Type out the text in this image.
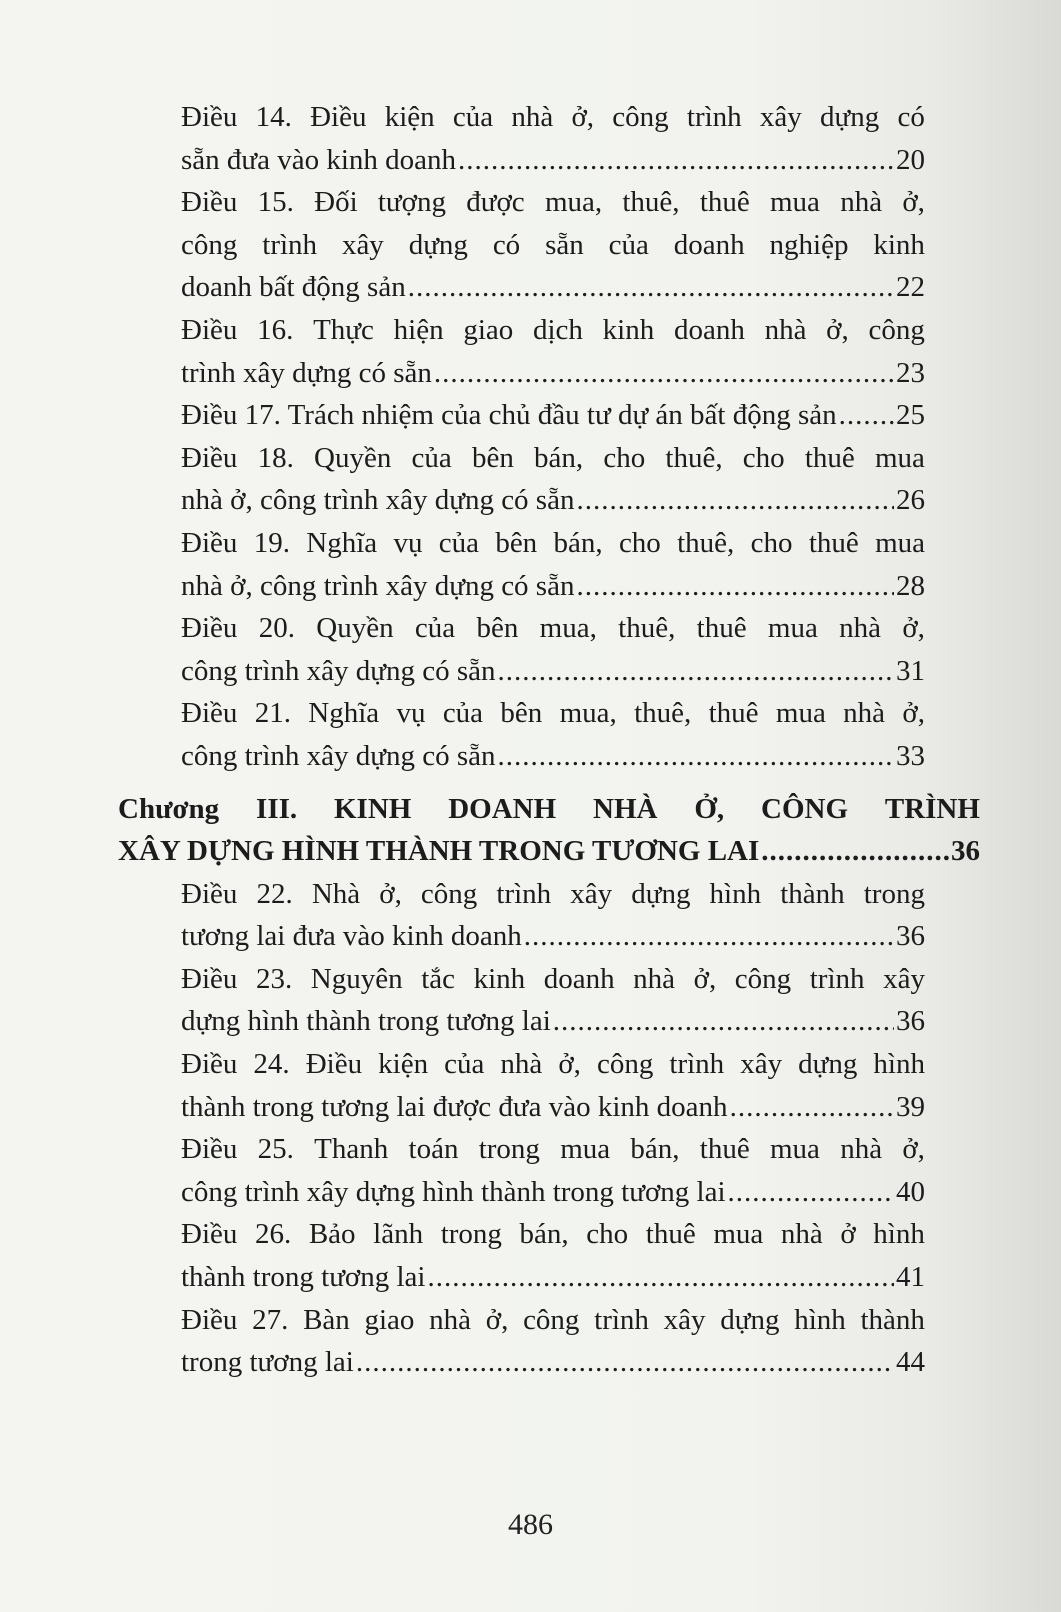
Điều 14. Điều kiện của nhà ở, công trình xây dựng có
sẵn đưa vào kinh doanh .....	20
Điều 15. Đối tượng được mua, thuê, thuê mua nhà ở,
công trình xây dựng có sẵn của doanh nghiệp kinh
doanh bất động sản .....	22
Điều 16. Thực hiện giao dịch kinh doanh nhà ở, công
trình xây dựng có sẵn .....	23
Điều 17. Trách nhiệm của chủ đầu tư dự án bất động sản ..... 25
Điều 18. Quyền của bên bán, cho thuê, cho thuê mua
nhà ở, công trình xây dựng có sẵn .....	26
Điều 19. Nghĩa vụ của bên bán, cho thuê, cho thuê mua
nhà ở, công trình xây dựng có sẵn .....	28
Điều 20. Quyền của bên mua, thuê, thuê mua nhà ở,
công trình xây dựng có sẵn .....	31
Điều 21. Nghĩa vụ của bên mua, thuê, thuê mua nhà ở,
công trình xây dựng có sẵn .....	33
Chương III. KINH DOANH NHÀ Ở, CÔNG TRÌNH
XÂY DỰNG HÌNH THÀNH TRONG TƯƠNG LAI .....	36
Điều 22. Nhà ở, công trình xây dựng hình thành trong
tương lai đưa vào kinh doanh .....	36
Điều 23. Nguyên tắc kinh doanh nhà ở, công trình xây
dựng hình thành trong tương lai .....	36
Điều 24. Điều kiện của nhà ở, công trình xây dựng hình
thành trong tương lai được đưa vào kinh doanh .....	39
Điều 25. Thanh toán trong mua bán, thuê mua nhà ở,
công trình xây dựng hình thành trong tương lai .....	40
Điều 26. Bảo lãnh trong bán, cho thuê mua nhà ở hình
thành trong tương lai .....	41
Điều 27. Bàn giao nhà ở, công trình xây dựng hình thành
trong tương lai .....	44
486
